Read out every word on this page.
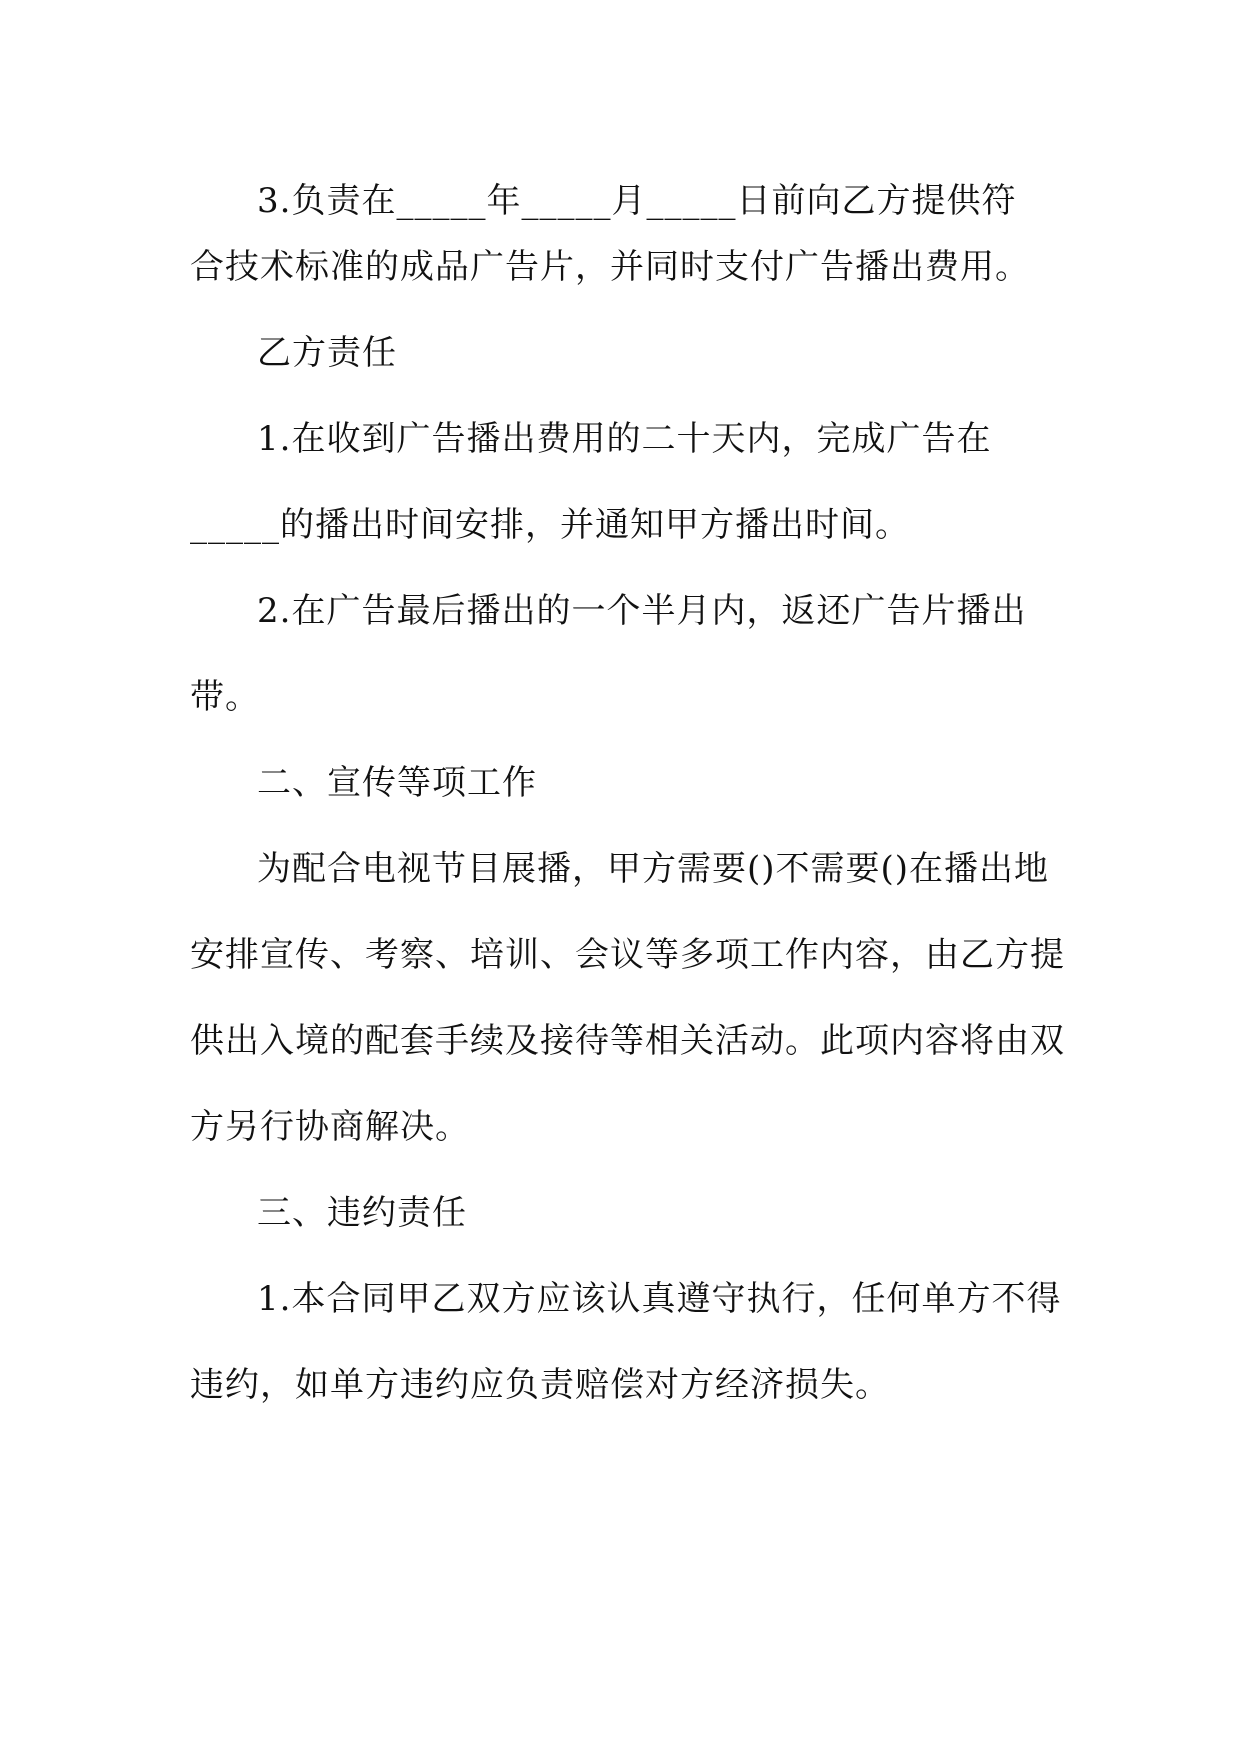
3.负责在_____年_____月_____日前向乙方提供符
合技术标准的成品广告片，并同时支付广告播出费用。
乙方责任
1.在收到广告播出费用的二十天内，完成广告在
_____的播出时间安排，并通知甲方播出时间。
2.在广告最后播出的一个半月内，返还广告片播出
带。
二、宣传等项工作
为配合电视节目展播，甲方需要()不需要()在播出地
安排宣传、考察、培训、会议等多项工作内容，由乙方提
供出入境的配套手续及接待等相关活动。此项内容将由双
方另行协商解决。
三、违约责任
1.本合同甲乙双方应该认真遵守执行，任何单方不得
违约，如单方违约应负责赔偿对方经济损失。
